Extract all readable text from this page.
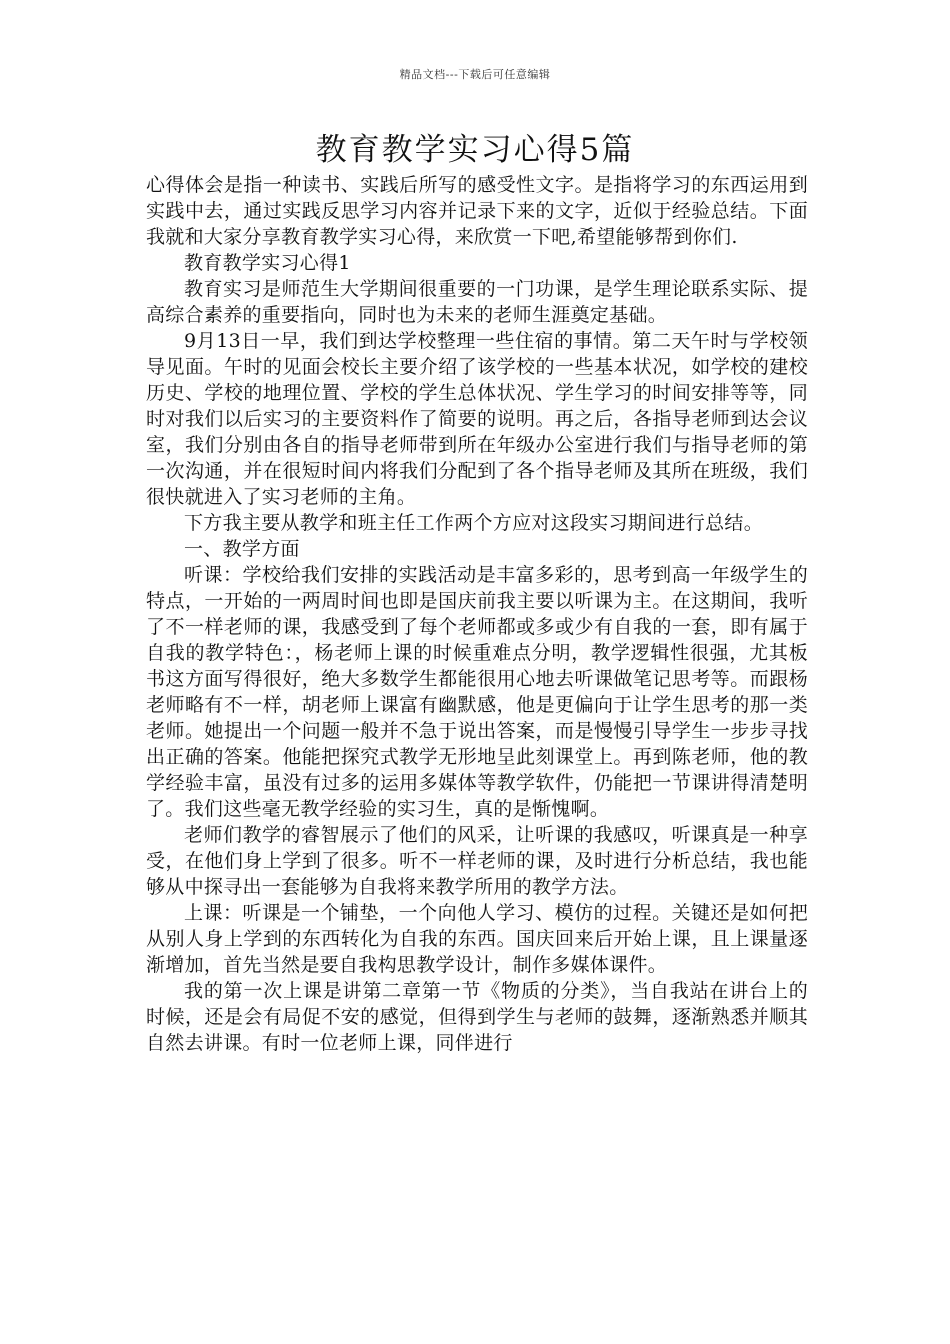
精品文档---下载后可任意编辑
教育教学实习心得5篇

心得体会是指一种读书、实践后所写的感受性文字。是指将学习的东西运用到实践中去，通过实践反思学习内容并记录下来的文字，近似于经验总结。下面我就和大家分享教育教学实习心得，来欣赏一下吧,希望能够帮到你们.

教育教学实习心得1

教育实习是师范生大学期间很重要的一门功课，是学生理论联系实际、提高综合素养的重要指向，同时也为未来的老师生涯奠定基础。

9月13日一早，我们到达学校整理一些住宿的事情。第二天午时与学校领导见面。午时的见面会校长主要介绍了该学校的一些基本状况，如学校的建校历史、学校的地理位置、学校的学生总体状况、学生学习的时间安排等等，同时对我们以后实习的主要资料作了简要的说明。再之后，各指导老师到达会议室，我们分别由各自的指导老师带到所在年级办公室进行我们与指导老师的第一次沟通，并在很短时间内将我们分配到了各个指导老师及其所在班级，我们很快就进入了实习老师的主角。

下方我主要从教学和班主任工作两个方应对这段实习期间进行总结。

一、教学方面

听课：学校给我们安排的实践活动是丰富多彩的，思考到高一年级学生的特点，一开始的一两周时间也即是国庆前我主要以听课为主。在这期间，我听了不一样老师的课，我感受到了每个老师都或多或少有自我的一套，即有属于自我的教学特色：，杨老师上课的时候重难点分明，教学逻辑性很强，尤其板书这方面写得很好，绝大多数学生都能很用心地去听课做笔记思考等。而跟杨老师略有不一样，胡老师上课富有幽默感，他是更偏向于让学生思考的那一类老师。她提出一个问题一般并不急于说出答案，而是慢慢引导学生一步步寻找出正确的答案。他能把探究式教学无形地呈此刻课堂上。再到陈老师，他的教学经验丰富，虽没有过多的运用多媒体等教学软件，仍能把一节课讲得清楚明了。我们这些毫无教学经验的实习生，真的是惭愧啊。

老师们教学的睿智展示了他们的风采，让听课的我感叹，听课真是一种享受，在他们身上学到了很多。听不一样老师的课，及时进行分析总结，我也能够从中探寻出一套能够为自我将来教学所用的教学方法。

上课：听课是一个铺垫，一个向他人学习、模仿的过程。关键还是如何把从别人身上学到的东西转化为自我的东西。国庆回来后开始上课，且上课量逐渐增加，首先当然是要自我构思教学设计，制作多媒体课件。

我的第一次上课是讲第二章第一节《物质的分类》，当自我站在讲台上的时候，还是会有局促不安的感觉，但得到学生与老师的鼓舞，逐渐熟悉并顺其自然去讲课。有时一位老师上课，同伴进行
